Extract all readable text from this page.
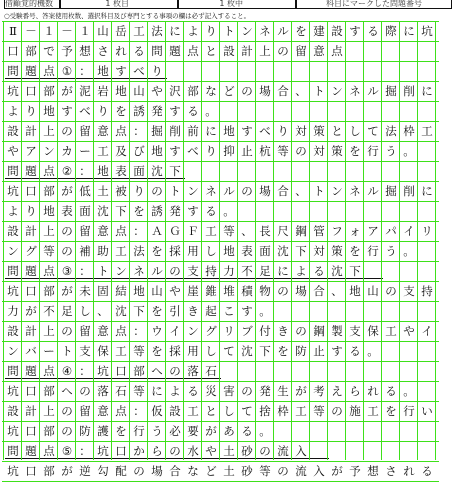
借顧覚的機数	1 枚目	1 枚中	科目にマークした問題番号
○受験番号、答案使用枚数、選択科目及び専門とする事項の欄は必ず記入すること。
Ⅱ － １ － １ 山 岳 工 法 に よ り ト ン ネ ル を 建 設 す る 際 に 坑
口 部 で 予 想 さ れ る 問 題 点 と 設 計 上 の 留 意 点
問 題 点 ① ： 地 す べ り
坑 口 部 が 泥 岩 地 山 や 沢 部 な ど の 場 合 、 ト ン ネ ル 掘 削 に
よ り 地 す べ り を 誘 発 す る 。
設 計 上 の 留 意 点 ： 掘 削 前 に 地 す べ り 対 策 と し て 法 枠 工
や ア ン カ ー 工 及 び 地 す べ り 抑 止 杭 等 の 対 策 を 行 う 。
問 題 点 ② ： 地 表 面 沈 下
坑 口 部 が 低 土 被 り の ト ン ネ ル の 場 合 、 ト ン ネ ル 掘 削 に
よ り 地 表 面 沈 下 を 誘 発 す る 。
設 計 上 の 留 意 点 ： Ａ Ｇ Ｆ 工 等 、 長 尺 鋼 管 フ ォ ア パ イ リ
ン グ 等 の 補 助 工 法 を 採 用 し 地 表 面 沈 下 対 策 を 行 う 。
問 題 点 ③ ： ト ン ネ ル の 支 持 力 不 足 に よ る 沈 下
坑 口 部 が 未 固 結 地 山 や 崖 錐 堆 積 物 の 場 合 、 地 山 の 支 持
力 が 不 足 し 、 沈 下 を 引 き 起 こ す 。
設 計 上 の 留 意 点 ： ウ イ ン グ リ ブ 付 き の 鋼 製 支 保 工 や イ
ン バ ー ト 支 保 工 等 を 採 用 し て 沈 下 を 防 止 す る 。
問 題 点 ④ ： 坑 口 部 へ の 落 石
坑 口 部 へ の 落 石 等 に よ る 災 害 の 発 生 が 考 え ら れ る 。
設 計 上 の 留 意 点 ： 仮 設 工 と し て 捨 枠 工 等 の 施 工 を 行 い
坑 口 部 の 防 護 を 行 う 必 要 が あ る 。
問 題 点 ⑤ ： 坑 口 か ら の 水 や 土 砂 の 流 入
坑 口 部 が 逆 勾 配 の 場 合 な ど 土 砂 等 の 流 入 が 予 想 さ れ る
